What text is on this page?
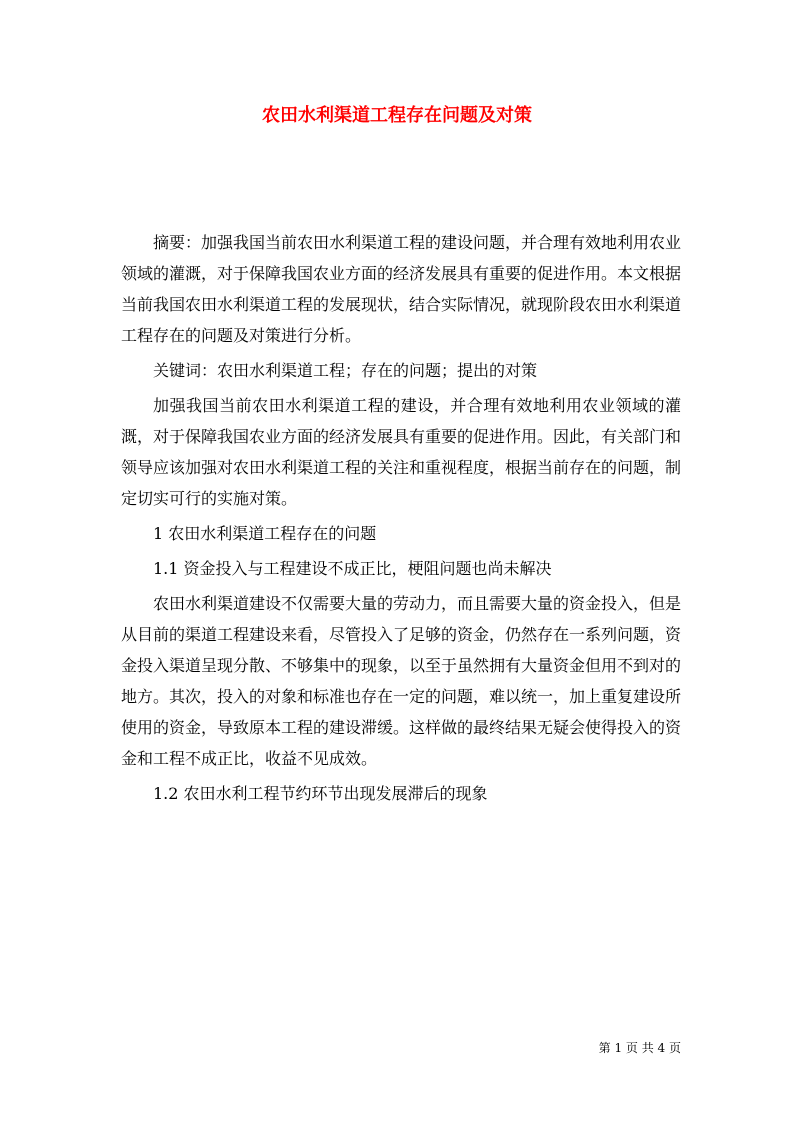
农田水利渠道工程存在问题及对策

摘要：加强我国当前农田水利渠道工程的建设问题，并合理有效地利用农业领域的灌溉，对于保障我国农业方面的经济发展具有重要的促进作用。本文根据当前我国农田水利渠道工程的发展现状，结合实际情况，就现阶段农田水利渠道工程存在的问题及对策进行分析。

关键词：农田水利渠道工程；存在的问题；提出的对策

加强我国当前农田水利渠道工程的建设，并合理有效地利用农业领域的灌溉，对于保障我国农业方面的经济发展具有重要的促进作用。因此，有关部门和领导应该加强对农田水利渠道工程的关注和重视程度，根据当前存在的问题，制定切实可行的实施对策。

1 农田水利渠道工程存在的问题

1.1 资金投入与工程建设不成正比，梗阻问题也尚未解决

农田水利渠道建设不仅需要大量的劳动力，而且需要大量的资金投入，但是从目前的渠道工程建设来看，尽管投入了足够的资金，仍然存在一系列问题，资金投入渠道呈现分散、不够集中的现象，以至于虽然拥有大量资金但用不到对的地方。其次，投入的对象和标准也存在一定的问题，难以统一，加上重复建设所使用的资金，导致原本工程的建设滞缓。这样做的最终结果无疑会使得投入的资金和工程不成正比，收益不见成效。

1.2 农田水利工程节约环节出现发展滞后的现象

第 1 页 共 4 页
